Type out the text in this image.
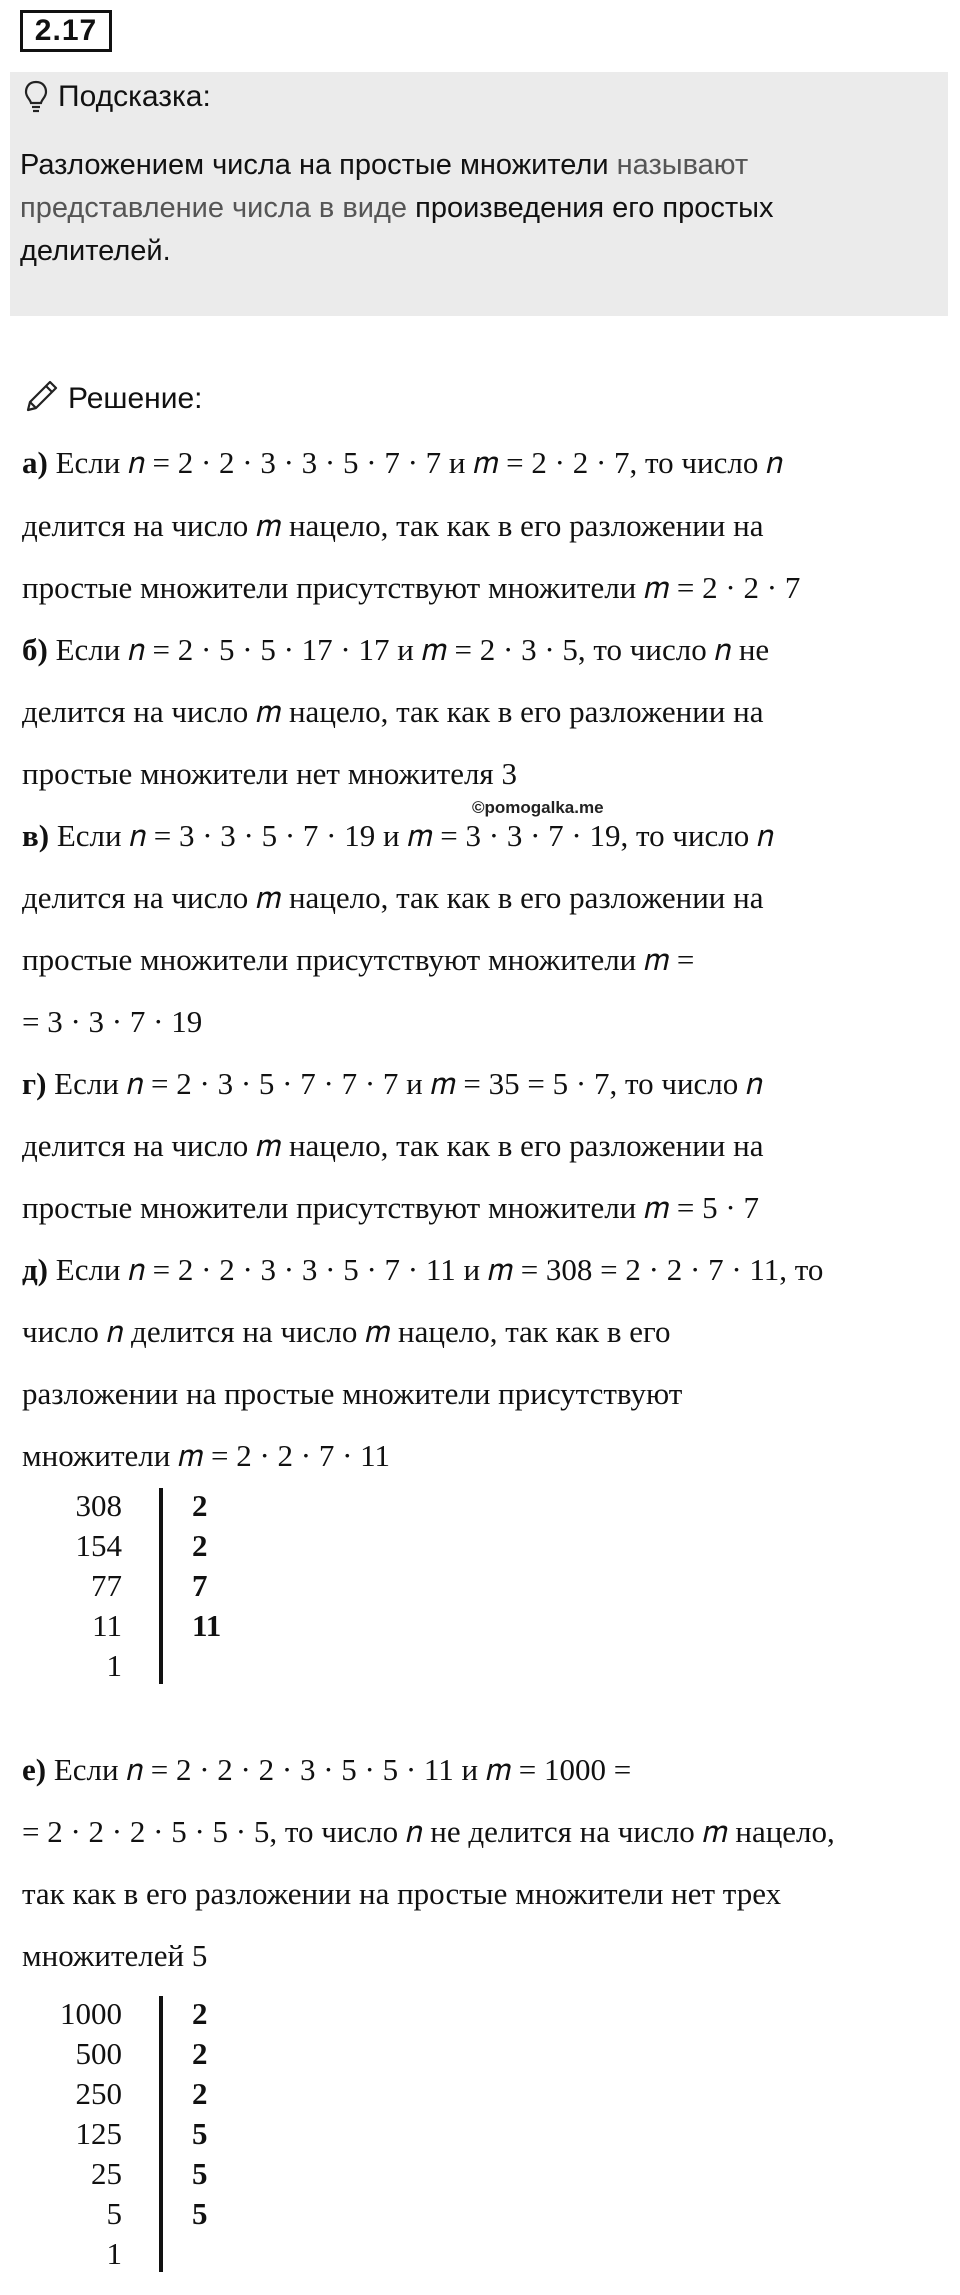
2.17
Подсказка:
Разложением числа на простые множители называют представление числа в виде произведения его простых делителей.
Решение:
а) Если 𝑛 = 2 · 2 · 3 · 3 · 5 · 7 · 7 и 𝑚 = 2 · 2 · 7, то число 𝑛
делится на число 𝑚 нацело, так как в его разложении на
простые множители присутствуют множители 𝑚 = 2 · 2 · 7
б) Если 𝑛 = 2 · 5 · 5 · 17 · 17 и 𝑚 = 2 · 3 · 5, то число 𝑛 не
делится на число 𝑚 нацело, так как в его разложении на
простые множители нет множителя 3
в) Если 𝑛 = 3 · 3 · 5 · 7 · 19 и 𝑚 = 3 · 3 · 7 · 19, то число 𝑛
делится на число 𝑚 нацело, так как в его разложении на
простые множители присутствуют множители 𝑚 =
= 3 · 3 · 7 · 19
г) Если 𝑛 = 2 · 3 · 5 · 7 · 7 · 7 и 𝑚 = 35 = 5 · 7, то число 𝑛
делится на число 𝑚 нацело, так как в его разложении на
простые множители присутствуют множители 𝑚 = 5 · 7
д) Если 𝑛 = 2 · 2 · 3 · 3 · 5 · 7 · 11 и 𝑚 = 308 = 2 · 2 · 7 · 11, то
число 𝑛 делится на число 𝑚 нацело, так как в его
разложении на простые множители присутствуют
множители 𝑚 = 2 · 2 · 7 · 11
е) Если 𝑛 = 2 · 2 · 2 · 3 · 5 · 5 · 11 и 𝑚 = 1000 =
= 2 · 2 · 2 · 5 · 5 · 5, то число 𝑛 не делится на число 𝑚 нацело,
так как в его разложении на простые множители нет трех
множителей 5
©pomogalka.me
308 2
154 2
77 7
11 11
1
1000 2
500 2
250 2
125 5
25 5
5 5
1
